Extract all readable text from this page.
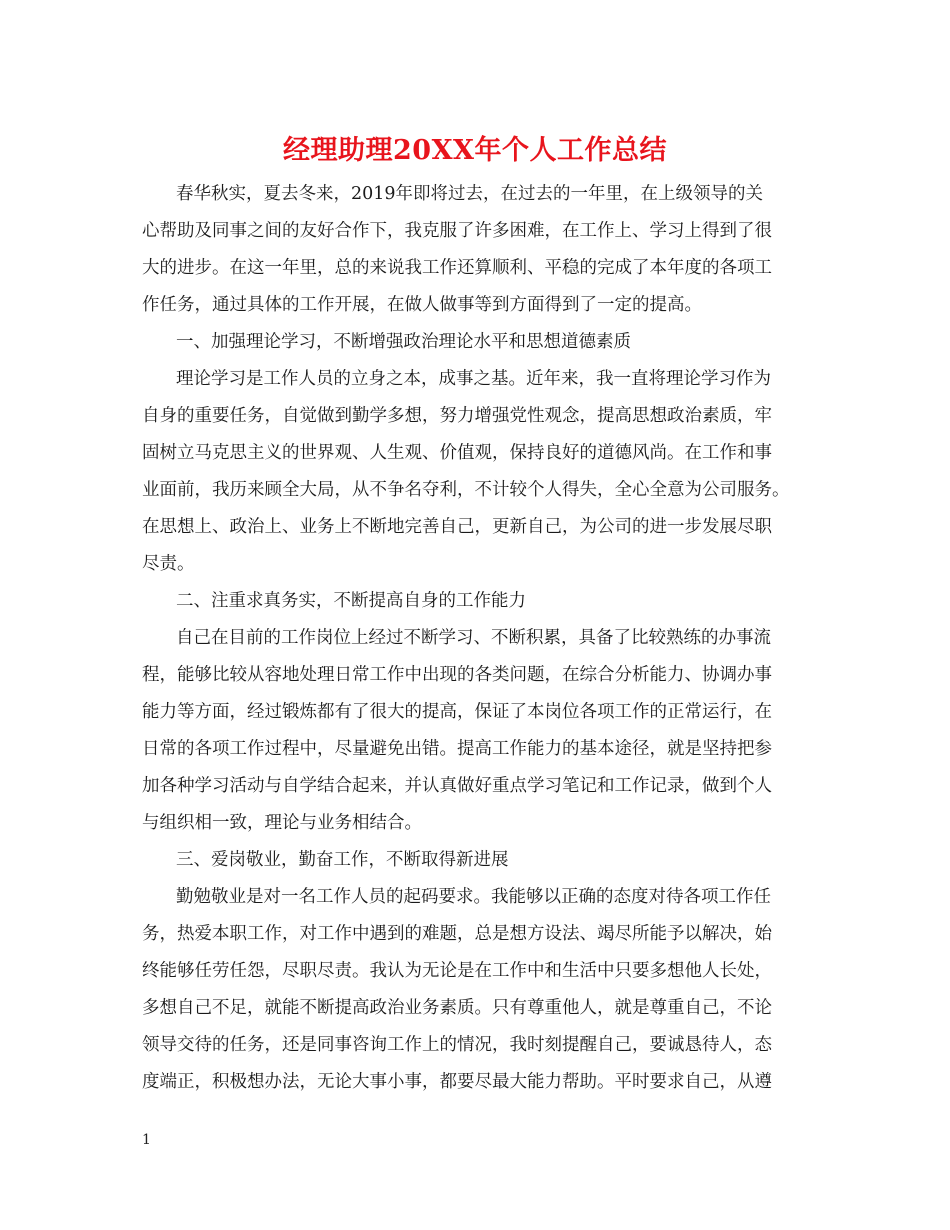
经理助理20XX年个人工作总结

春华秋实，夏去冬来，2019年即将过去，在过去的一年里，在上级领导的关

心帮助及同事之间的友好合作下，我克服了许多困难，在工作上、学习上得到了很

大的进步。在这一年里，总的来说我工作还算顺利、平稳的完成了本年度的各项工

作任务，通过具体的工作开展，在做人做事等到方面得到了一定的提高。

一、加强理论学习，不断增强政治理论水平和思想道德素质

理论学习是工作人员的立身之本，成事之基。近年来，我一直将理论学习作为

自身的重要任务，自觉做到勤学多想，努力增强党性观念，提高思想政治素质，牢

固树立马克思主义的世界观、人生观、价值观，保持良好的道德风尚。在工作和事

业面前，我历来顾全大局，从不争名夺利，不计较个人得失，全心全意为公司服务。

在思想上、政治上、业务上不断地完善自己，更新自己，为公司的进一步发展尽职

尽责。

二、注重求真务实，不断提高自身的工作能力

自己在目前的工作岗位上经过不断学习、不断积累，具备了比较熟练的办事流

程，能够比较从容地处理日常工作中出现的各类问题，在综合分析能力、协调办事

能力等方面，经过锻炼都有了很大的提高，保证了本岗位各项工作的正常运行，在

日常的各项工作过程中，尽量避免出错。提高工作能力的基本途径，就是坚持把参

加各种学习活动与自学结合起来，并认真做好重点学习笔记和工作记录，做到个人

与组织相一致，理论与业务相结合。

三、爱岗敬业，勤奋工作，不断取得新进展

勤勉敬业是对一名工作人员的起码要求。我能够以正确的态度对待各项工作任

务，热爱本职工作，对工作中遇到的难题，总是想方设法、竭尽所能予以解决，始

终能够任劳任怨，尽职尽责。我认为无论是在工作中和生活中只要多想他人长处，

多想自己不足，就能不断提高政治业务素质。只有尊重他人，就是尊重自己，不论

领导交待的任务，还是同事咨询工作上的情况，我时刻提醒自己，要诚恳待人，态

度端正，积极想办法，无论大事小事，都要尽最大能力帮助。平时要求自己，从遵

1
